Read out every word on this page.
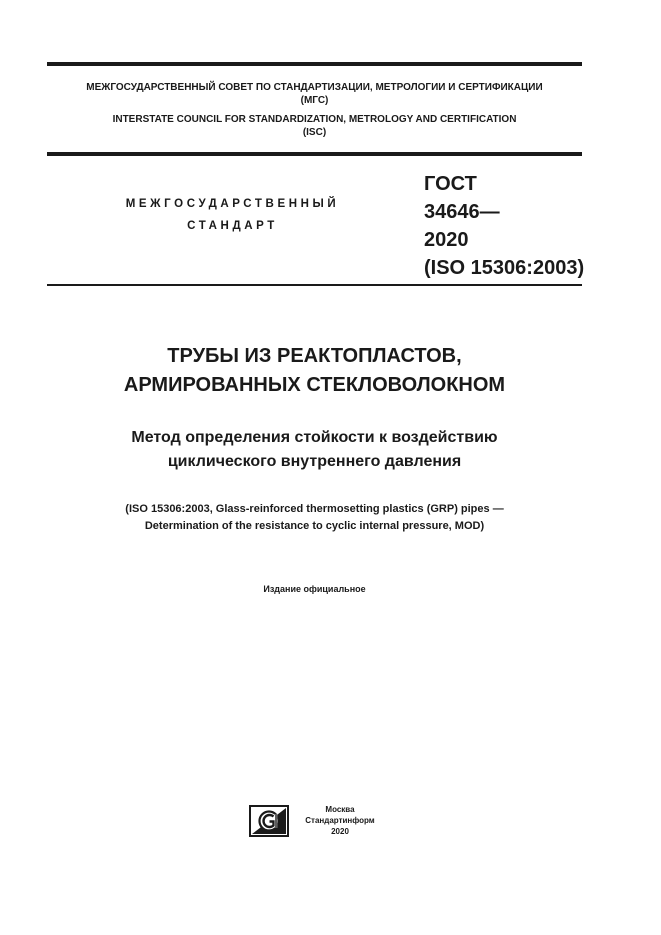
МЕЖГОСУДАРСТВЕННЫЙ СОВЕТ ПО СТАНДАРТИЗАЦИИ, МЕТРОЛОГИИ И СЕРТИФИКАЦИИ
(МГС)
INTERSTATE COUNCIL FOR STANDARDIZATION, METROLOGY AND CERTIFICATION
(ISC)
МЕЖГОСУДАРСТВЕННЫЙ
СТАНДАРТ
ГОСТ
34646—
2020
(ISO 15306:2003)
ТРУБЫ ИЗ РЕАКТОПЛАСТОВ,
АРМИРОВАННЫХ СТЕКЛОВОЛОКНОМ
Метод определения стойкости к воздействию
циклического внутреннего давления
(ISO 15306:2003, Glass-reinforced thermosetting plastics (GRP) pipes —
Determination of the resistance to cyclic internal pressure, MOD)
Издание официальное
Москва
Стандартинформ
2020
